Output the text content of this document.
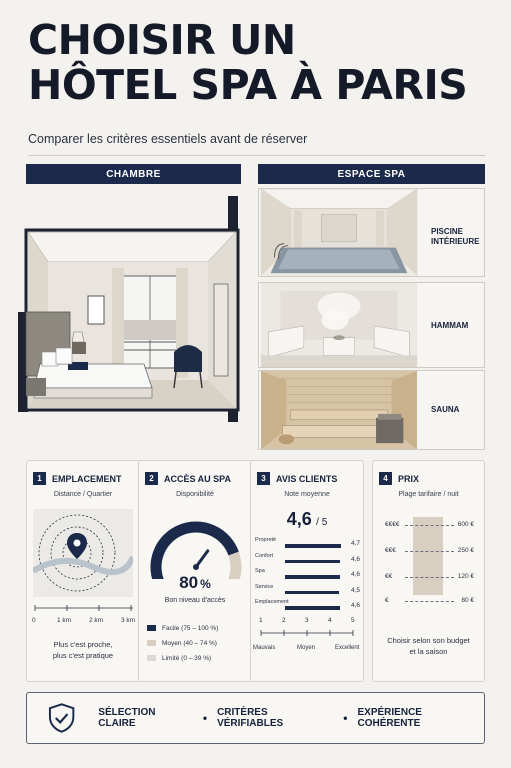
CHOISIR UN
HÔTEL SPA À PARIS
Comparer les critères essentiels avant de réserver
CHAMBRE	ESPACE SPA
PISCINE
INTÉRIEURE
HAMMAM
SAUNA
1	EMPLACEMENT
Distance / Quartier
0	1 km	2 km	3 km
Plus c'est proche,
plus c'est pratique
2	ACCÈS AU SPA
Disponibilité
80 %
Bon niveau d'accès
Facile (75 – 100 %)
Moyen (40 – 74 %)
Limité (0 – 39 %)
3	AVIS CLIENTS
Note moyenne
4,6 / 5
Propreté	4,7
Confort	4,6
Spa	4,6
Service	4,5
Emplacement	4,6
1	2	3	4	5
Mauvais	Moyen	Excellent
4	PRIX
Plage tarifaire / nuit
€€€€	600 €
€€€	250 €
€€	120 €
€	80 €
Choisir selon son budget
et la saison
SÉLECTION CLAIRE	• CRITÈRES VÉRIFIABLES	• EXPÉRIENCE COHÉRENTE
